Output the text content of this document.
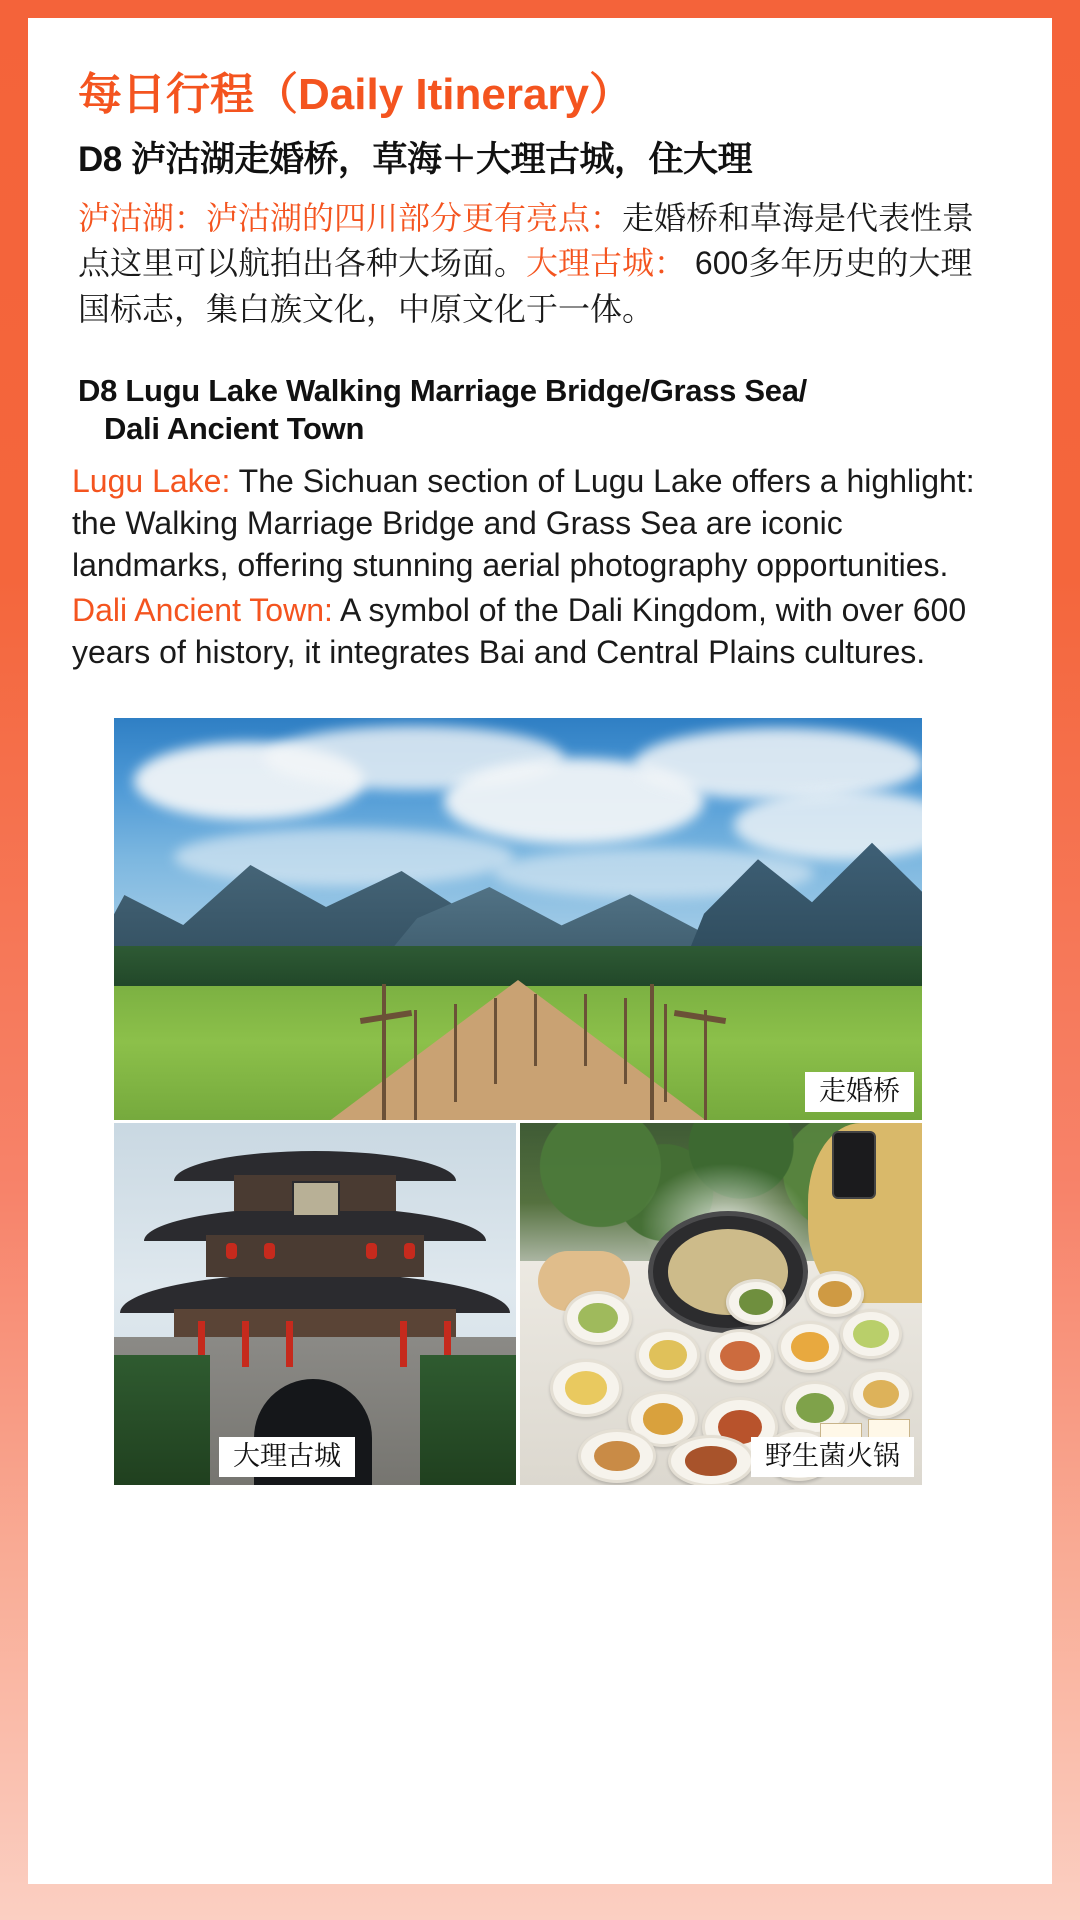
每日行程（Daily Itinerary）
D8 泸沽湖走婚桥，草海＋大理古城，住大理
泸沽湖：泸沽湖的四川部分更有亮点：走婚桥和草海是代表性景点这里可以航拍出各种大场面。大理古城： 600多年历史的大理国标志，集白族文化，中原文化于一体。
D8 Lugu Lake Walking Marriage Bridge/Grass Sea/
Dali Ancient Town

Lugu Lake: The Sichuan section of Lugu Lake offers a highlight: the Walking Marriage Bridge and Grass Sea are iconic landmarks, offering stunning aerial photography opportunities.

Dali Ancient Town: A symbol of the Dali Kingdom, with over 600 years of history, it integrates Bai and Central Plains cultures.

走婚桥
大理古城	野生菌火锅
